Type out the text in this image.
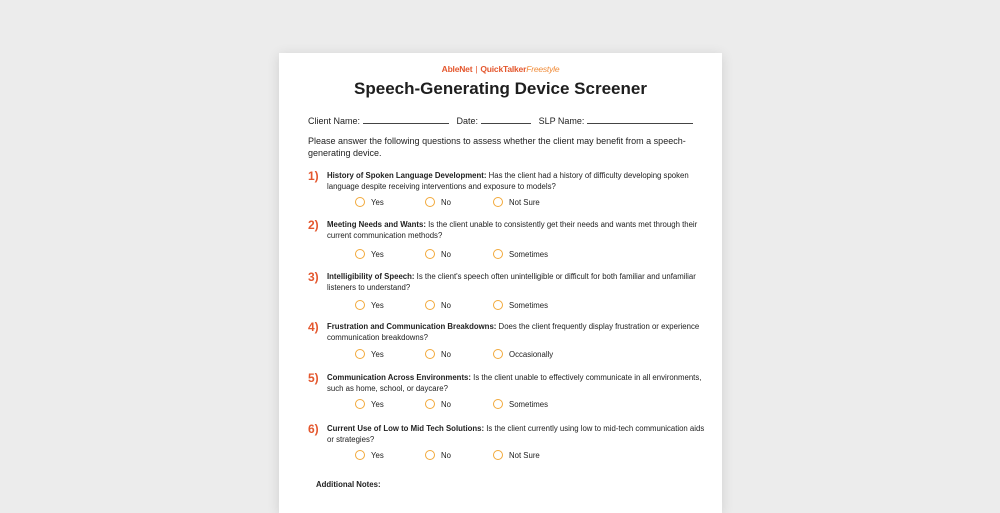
AbleNet | QuickTalkerFreestyle
Speech-Generating Device Screener
Client Name:	Date:	SLP Name:
Please answer the following questions to assess whether the client may benefit from a speech-generating device.
1) History of Spoken Language Development: Has the client had a history of difficulty developing spoken language despite receiving interventions and exposure to models?
Yes	No	Not Sure
2) Meeting Needs and Wants: Is the client unable to consistently get their needs and wants met through their current communication methods?
Yes	No	Sometimes
3) Intelligibility of Speech: Is the client's speech often unintelligible or difficult for both familiar and unfamiliar listeners to understand?
Yes	No	Sometimes
4) Frustration and Communication Breakdowns: Does the client frequently display frustration or experience communication breakdowns?
Yes	No	Occasionally
5) Communication Across Environments: Is the client unable to effectively communicate in all environments, such as home, school, or daycare?
Yes	No	Sometimes
6) Current Use of Low to Mid Tech Solutions: Is the client currently using low to mid-tech communication aids or strategies?
Yes	No	Not Sure
Additional Notes:
